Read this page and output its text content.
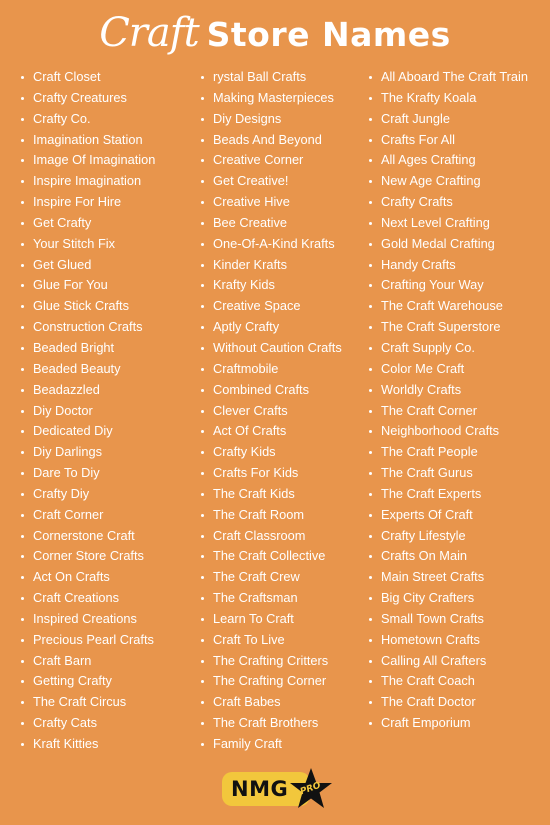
Craft Store Names
Craft Closet
Crafty Creatures
Crafty Co.
Imagination Station
Image Of Imagination
Inspire Imagination
Inspire For Hire
Get Crafty
Your Stitch Fix
Get Glued
Glue For You
Glue Stick Crafts
Construction Crafts
Beaded Bright
Beaded Beauty
Beadazzled
Diy Doctor
Dedicated Diy
Diy Darlings
Dare To Diy
Crafty Diy
Craft Corner
Cornerstone Craft
Corner Store Crafts
Act On Crafts
Craft Creations
Inspired Creations
Precious Pearl Crafts
Craft Barn
Getting Crafty
The Craft Circus
Crafty Cats
Kraft Kitties
rystal Ball Crafts
Making Masterpieces
Diy Designs
Beads And Beyond
Creative Corner
Get Creative!
Creative Hive
Bee Creative
One-Of-A-Kind Krafts
Kinder Krafts
Krafty Kids
Creative Space
Aptly Crafty
Without Caution Crafts
Craftmobile
Combined Crafts
Clever Crafts
Act Of Crafts
Crafty Kids
Crafts For Kids
The Craft Kids
The Craft Room
Craft Classroom
The Craft Collective
The Craft Crew
The Craftsman
Learn To Craft
Craft To Live
The Crafting Critters
The Crafting Corner
Craft Babes
The Craft Brothers
Family Craft
All Aboard The Craft Train
The Krafty Koala
Craft Jungle
Crafts For All
All Ages Crafting
New Age Crafting
Crafty Crafts
Next Level Crafting
Gold Medal Crafting
Handy Crafts
Crafting Your Way
The Craft Warehouse
The Craft Superstore
Craft Supply Co.
Color Me Craft
Worldly Crafts
The Craft Corner
Neighborhood Crafts
The Craft People
The Craft Gurus
The Craft Experts
Experts Of Craft
Crafty Lifestyle
Crafts On Main
Main Street Crafts
Big City Crafters
Small Town Crafts
Hometown Crafts
Calling All Crafters
The Craft Coach
The Craft Doctor
Craft Emporium
NMG	PRO
